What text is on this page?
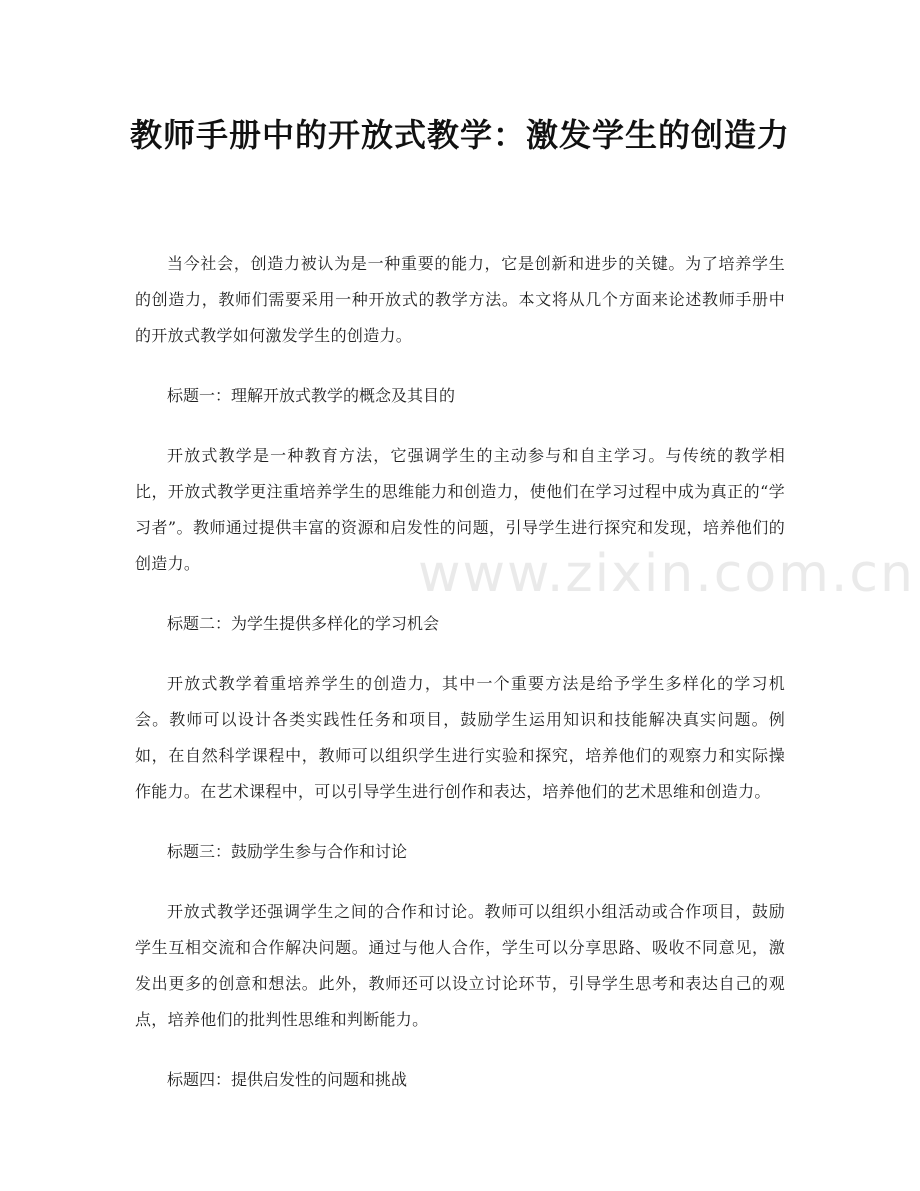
教师手册中的开放式教学：激发学生的创造力

当今社会，创造力被认为是一种重要的能力，它是创新和进步的关键。为了培养学生的创造力，教师们需要采用一种开放式的教学方法。本文将从几个方面来论述教师手册中的开放式教学如何激发学生的创造力。

标题一：理解开放式教学的概念及其目的

开放式教学是一种教育方法，它强调学生的主动参与和自主学习。与传统的教学相比，开放式教学更注重培养学生的思维能力和创造力，使他们在学习过程中成为真正的“学习者”。教师通过提供丰富的资源和启发性的问题，引导学生进行探究和发现，培养他们的创造力。

标题二：为学生提供多样化的学习机会

开放式教学着重培养学生的创造力，其中一个重要方法是给予学生多样化的学习机会。教师可以设计各类实践性任务和项目，鼓励学生运用知识和技能解决真实问题。例如，在自然科学课程中，教师可以组织学生进行实验和探究，培养他们的观察力和实际操作能力。在艺术课程中，可以引导学生进行创作和表达，培养他们的艺术思维和创造力。

标题三：鼓励学生参与合作和讨论

开放式教学还强调学生之间的合作和讨论。教师可以组织小组活动或合作项目，鼓励学生互相交流和合作解决问题。通过与他人合作，学生可以分享思路、吸收不同意见，激发出更多的创意和想法。此外，教师还可以设立讨论环节，引导学生思考和表达自己的观点，培养他们的批判性思维和判断能力。

标题四：提供启发性的问题和挑战

www.zixin.com.cn
